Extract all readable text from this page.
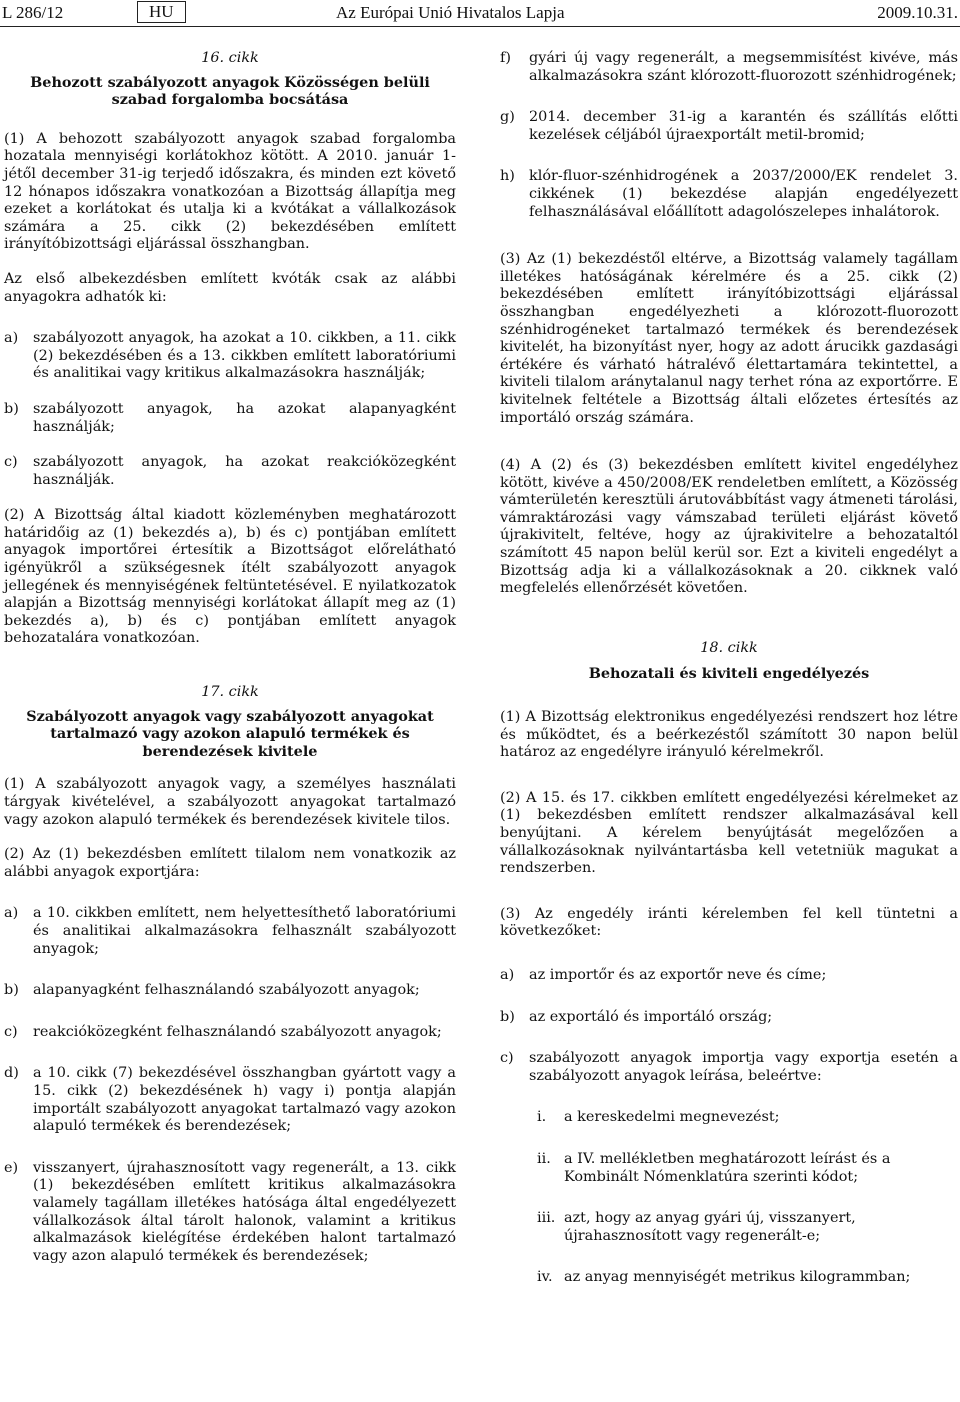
L 286/12	HU	Az Európai Unió Hivatalos Lapja	2009.10.31.
16. cikk
Behozott szabályozott anyagok Közösségen belüli szabad forgalomba bocsátása

(1) A behozott szabályozott anyagok szabad forgalomba hozatala mennyiségi korlátokhoz kötött. A 2010. január 1-jétől december 31-ig terjedő időszakra, és minden ezt követő 12 hónapos időszakra vonatkozóan a Bizottság állapítja meg ezeket a korlátokat és utalja ki a kvótákat a vállalkozások számára a 25. cikk (2) bekezdésében említett irányítóbizottsági eljárással összhangban.

Az első albekezdésben említett kvóták csak az alábbi anyagokra adhatók ki:

a) szabályozott anyagok, ha azokat a 10. cikkben, a 11. cikk (2) bekezdésében és a 13. cikkben említett laboratóriumi és analitikai vagy kritikus alkalmazásokra használják;
b) szabályozott anyagok, ha azokat alapanyagként használják;
c) szabályozott anyagok, ha azokat reakcióközegként használják.

(2) A Bizottság által kiadott közleményben meghatározott határidőig az (1) bekezdés a), b) és c) pontjában említett anyagok importőrei értesítik a Bizottságot előrelátható igényükről a szükségesnek ítélt szabályozott anyagok jellegének és mennyiségének feltüntetésével. E nyilatkozatok alapján a Bizottság mennyiségi korlátokat állapít meg az (1) bekezdés a), b) és c) pontjában említett anyagok behozatalára vonatkozóan.

17. cikk
Szabályozott anyagok vagy szabályozott anyagokat tartalmazó vagy azokon alapuló termékek és berendezések kivitele

(1) A szabályozott anyagok vagy, a személyes használati tárgyak kivételével, a szabályozott anyagokat tartalmazó vagy azokon alapuló termékek és berendezések kivitele tilos.

(2) Az (1) bekezdésben említett tilalom nem vonatkozik az alábbi anyagok exportjára:

a) a 10. cikkben említett, nem helyettesíthető laboratóriumi és analitikai alkalmazásokra felhasznált szabályozott anyagok;
b) alapanyagként felhasználandó szabályozott anyagok;
c) reakcióközegként felhasználandó szabályozott anyagok;
d) a 10. cikk (7) bekezdésével összhangban gyártott vagy a 15. cikk (2) bekezdésének h) vagy i) pontja alapján importált szabályozott anyagokat tartalmazó vagy azokon alapuló termékek és berendezések;
e) visszanyert, újrahasznosított vagy regenerált, a 13. cikk (1) bekezdésében említett kritikus alkalmazásokra valamely tagállam illetékes hatósága által engedélyezett vállalkozások által tárolt halonok, valamint a kritikus alkalmazások kielégítése érdekében halont tartalmazó vagy azon alapuló termékek és berendezések;
f) gyári új vagy regenerált, a megsemmisítést kivéve, más alkalmazásokra szánt klórozott-fluorozott szénhidrogének;
g) 2014. december 31-ig a karantén és szállítás előtti kezelések céljából újraexportált metil-bromid;
h) klór-fluor-szénhidrogének a 2037/2000/EK rendelet 3. cikkének (1) bekezdése alapján engedélyezett felhasználásával előállított adagolószelepes inhalátorok.

(3) Az (1) bekezdéstől eltérve, a Bizottság valamely tagállam illetékes hatóságának kérelmére és a 25. cikk (2) bekezdésében említett irányítóbizottsági eljárással összhangban engedélyezheti a klórozott-fluorozott szénhidrogéneket tartalmazó termékek és berendezések kivitelét, ha bizonyítást nyer, hogy az adott árucikk gazdasági értékére és várható hátralévő élettartamára tekintettel, a kiviteli tilalom aránytalanul nagy terhet róna az exportőrre. E kivitelnek feltétele a Bizottság általi előzetes értesítés az importáló ország számára.

(4) A (2) és (3) bekezdésben említett kivitel engedélyhez kötött, kivéve a 450/2008/EK rendeletben említett, a Közösség vámterületén keresztüli árutovábbítást vagy átmeneti tárolási, vámraktározási vagy vámszabad területi eljárást követő újrakivitelt, feltéve, hogy az újrakivitelre a behozataltól számított 45 napon belül kerül sor. Ezt a kiviteli engedélyt a Bizottság adja ki a vállalkozásoknak a 20. cikknek való megfelelés ellenőrzését követően.

18. cikk
Behozatali és kiviteli engedélyezés

(1) A Bizottság elektronikus engedélyezési rendszert hoz létre és működtet, és a beérkezéstől számított 30 napon belül határoz az engedélyre irányuló kérelmekről.

(2) A 15. és 17. cikkben említett engedélyezési kérelmeket az (1) bekezdésben említett rendszer alkalmazásával kell benyújtani. A kérelem benyújtását megelőzően a vállalkozásoknak nyilvántartásba kell vetetniük magukat a rendszerben.

(3) Az engedély iránti kérelemben fel kell tüntetni a következőket:

a) az importőr és az exportőr neve és címe;
b) az exportáló és importáló ország;
c) szabályozott anyagok importja vagy exportja esetén a szabályozott anyagok leírása, beleértve:
i. a kereskedelmi megnevezést;
ii. a IV. mellékletben meghatározott leírást és a Kombinált Nómenklatúra szerinti kódot;
iii. azt, hogy az anyag gyári új, visszanyert, újrahasznosított vagy regenerált-e;
iv. az anyag mennyiségét metrikus kilogrammban;
